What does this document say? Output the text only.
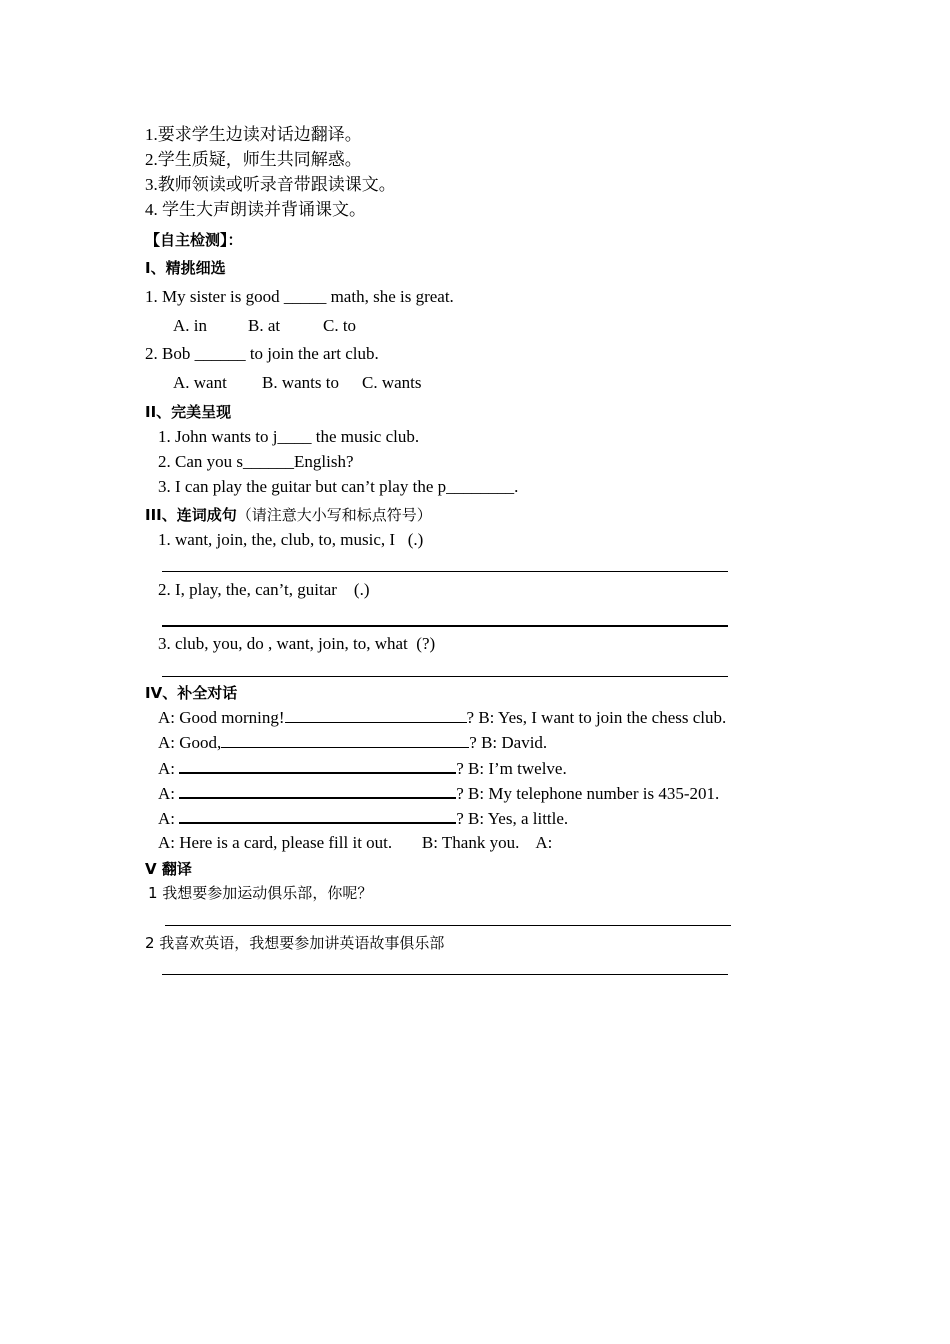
1.要求学生边读对话边翻译。
2.学生质疑，师生共同解惑。
3.教师领读或听录音带跟读课文。
4. 学生大声朗读并背诵课文。
【自主检测】：
I、精挑细选
1. My sister is good _____ math, she is great.
A. in B. at	C. to
2. Bob ______ to join the art club.
A. want B. wants to C. wants
II、完美呈现
1. John wants to j____ the music club.
2. Can you s______English?
3. I can play the guitar but can’t play the p________.
III、连词成句（请注意大小写和标点符号）
1. want, join, the, club, to, music, I   (.)
2. I, play, the, can’t, guitar    (.)
3. club, you, do , want, join, to, what  (?)
IV、补全对话
A: Good morning!	? B: Yes, I want to join the chess club.
A: Good,	? B: David.
A:	? B: I’m twelve.
A:	? B: My telephone number is 435-201.
A:	? B: Yes, a little.
A: Here is a card, please fill it out.       B: Thank you.    A:
V 翻译
1 我想要参加运动俱乐部，你呢？
2 我喜欢英语，我想要参加讲英语故事俱乐部
